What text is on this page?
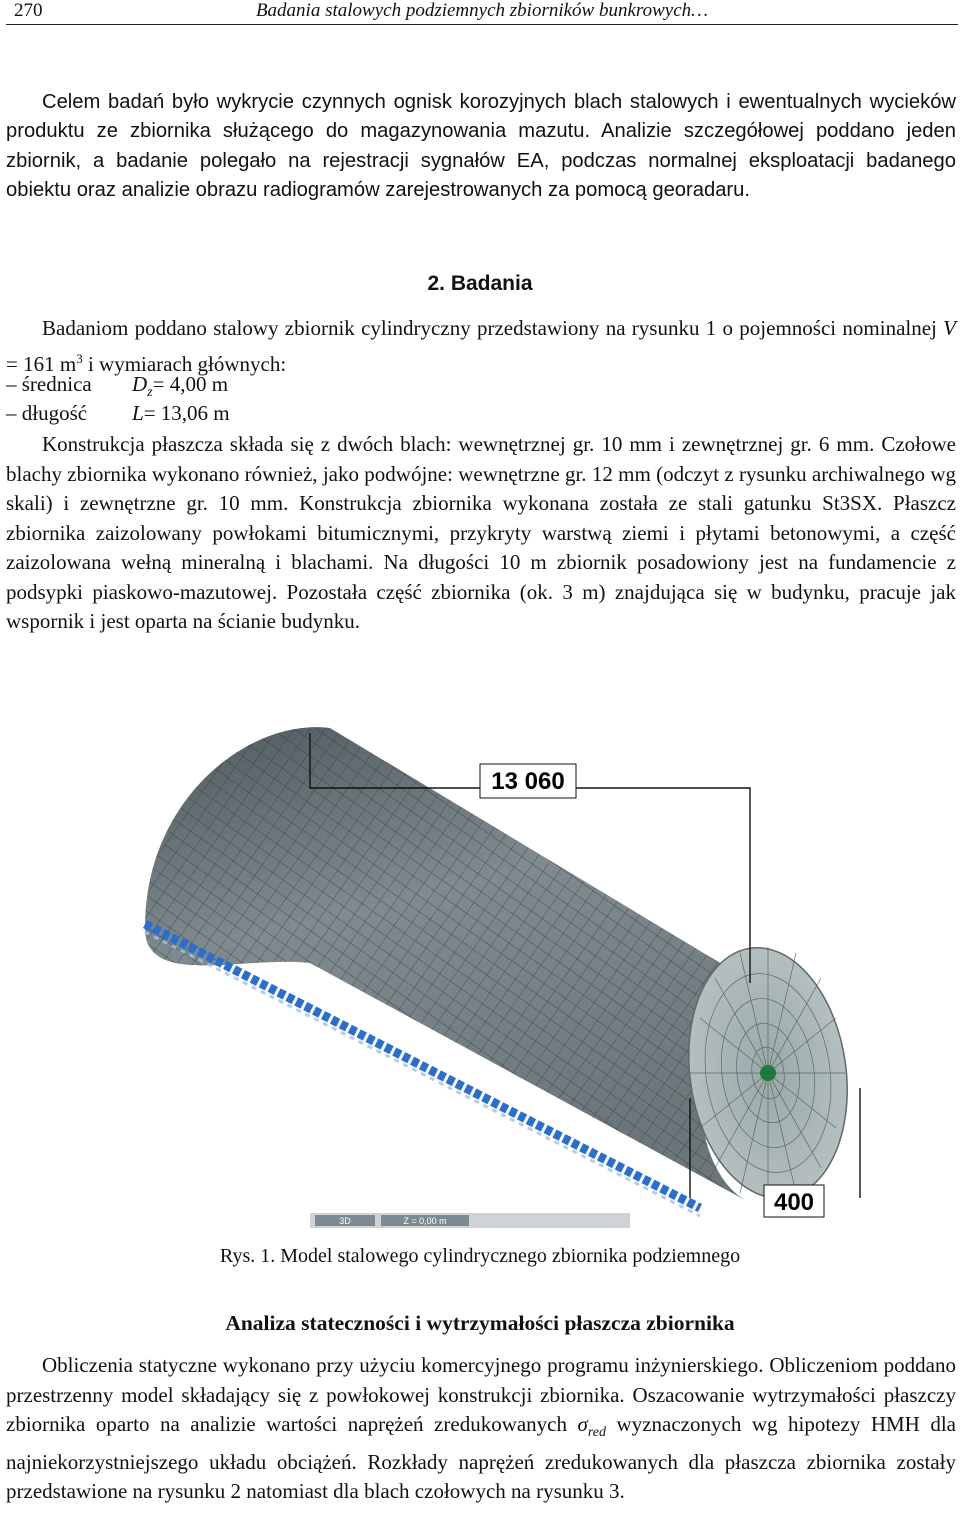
270	Badania stalowych podziemnych zbiorników bunkrowych…

Celem badań było wykrycie czynnych ognisk korozyjnych blach stalowych i ewentualnych wycieków produktu ze zbiornika służącego do magazynowania mazutu. Analizie szczegółowej poddano jeden zbiornik, a badanie polegało na rejestracji sygnałów EA, podczas normalnej eksploatacji badanego obiektu oraz analizie obrazu radiogramów zarejestrowanych za pomocą georadaru.

2. Badania

Badaniom poddano stalowy zbiornik cylindryczny przedstawiony na rysunku 1 o pojemności nominalnej V = 161 $m^3$ i wymiarach głównych:

– średnica $D_z= 4,00$ m
– długość L= 13,06 m

Konstrukcja płaszcza składa się z dwóch blach: wewnętrznej gr. 10 mm i zewnętrznej gr. 6 mm. Czołowe blachy zbiornika wykonano również, jako podwójne: wewnętrzne gr. 12 mm (odczyt z rysunku archiwalnego wg skali) i zewnętrzne gr. 10 mm. Konstrukcja zbiornika wykonana została ze stali gatunku St3SX. Płaszcz zbiornika zaizolowany powłokami bitumicznymi, przykryty warstwą ziemi i płytami betonowymi, a część zaizolowana wełną mineralną i blachami. Na długości 10 m zbiornik posadowiony jest na fundamencie z podsypki piaskowo-mazutowej. Pozostała część zbiornika (ok. 3 m) znajdująca się w budynku, pracuje jak wspornik i jest oparta na ścianie budynku.

13 060
400
3D	Z = 0,00 m
Rys. 1. Model stalowego cylindrycznego zbiornika podziemnego
Analiza stateczności i wytrzymałości płaszcza zbiornika

Obliczenia statyczne wykonano przy użyciu komercyjnego programu inżynierskiego. Obliczeniom poddano przestrzenny model składający się z powłokowej konstrukcji zbiornika. Oszacowanie wytrzymałości płaszczy zbiornika oparto na analizie wartości naprężeń zredukowanych $\sigma_{red}$ wyznaczonych wg hipotezy HMH dla najniekorzystniejszego układu obciążeń. Rozkłady naprężeń zredukowanych dla płaszcza zbiornika zostały przedstawione na rysunku 2 natomiast dla blach czołowych na rysunku 3.
